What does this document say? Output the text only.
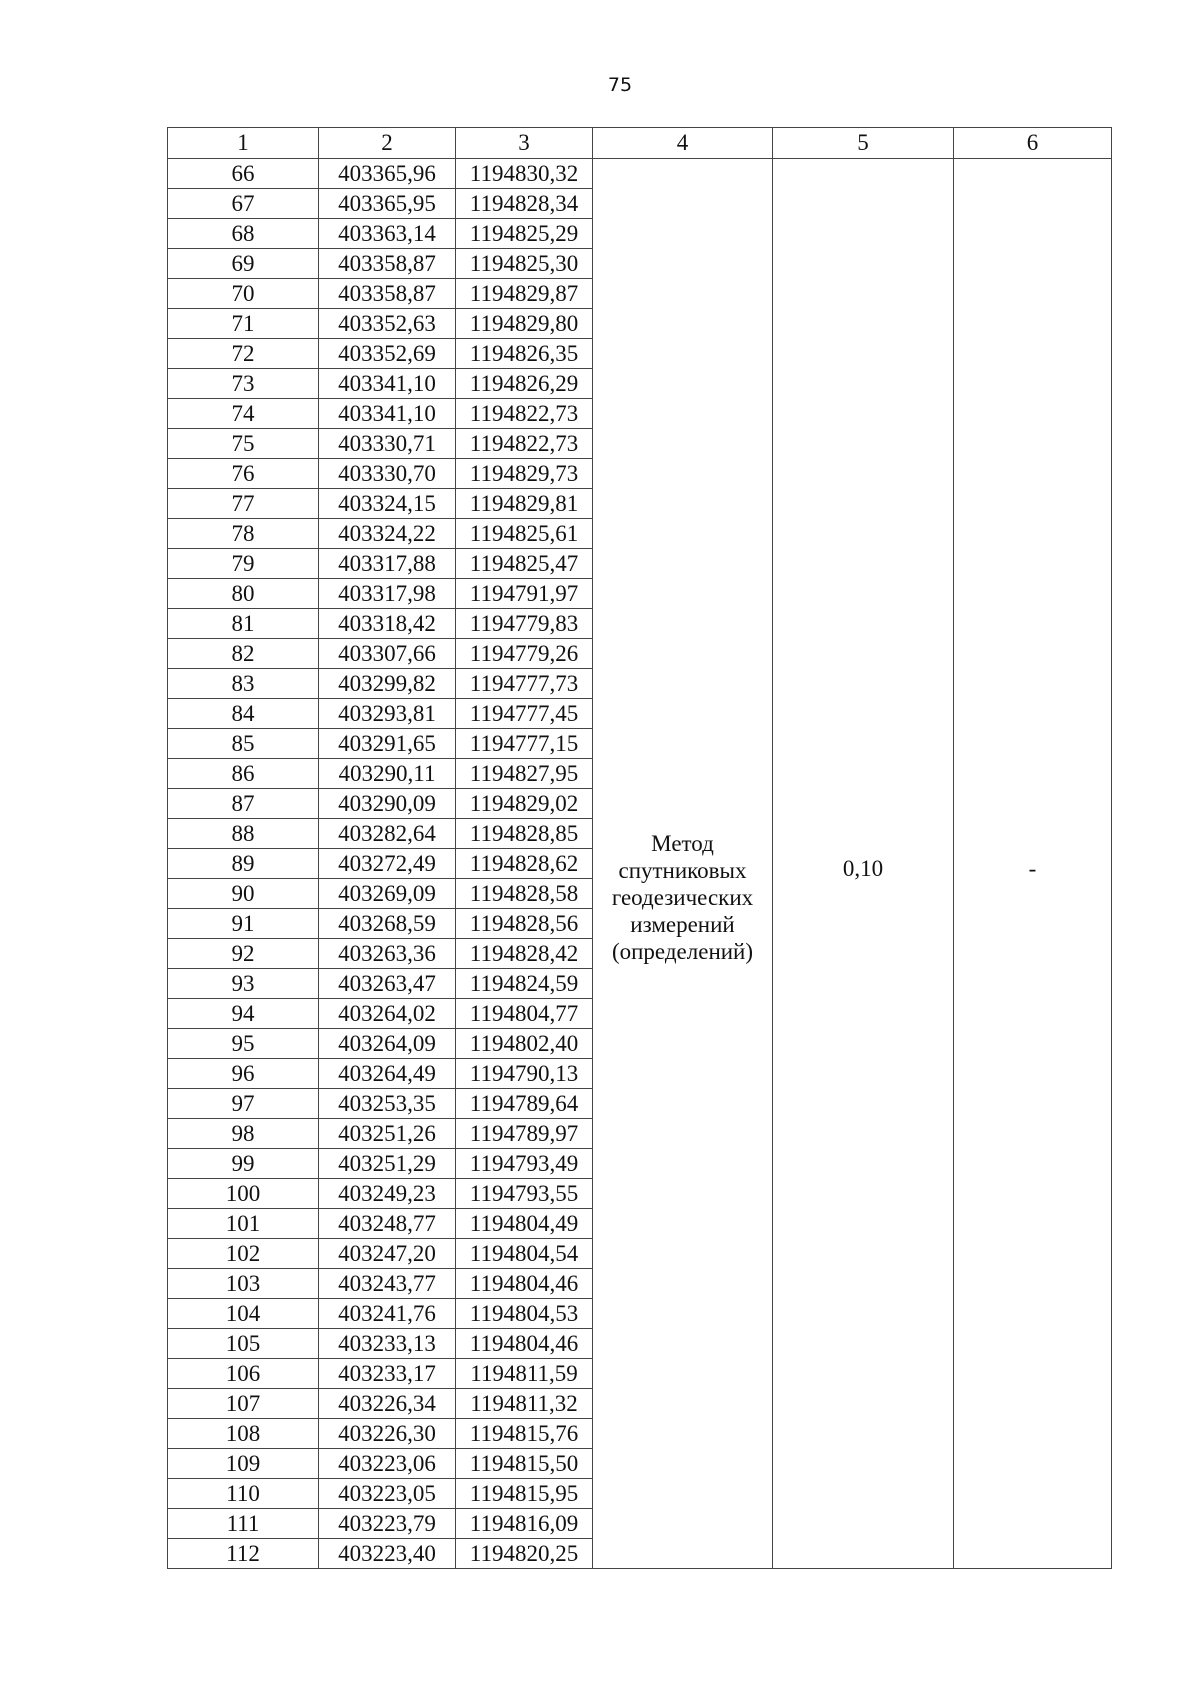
75
1	2	3	4	5	6
66	403365,96	1194830,32	Метод
спутниковых
геодезических
измерений
(определений)	0,10	-

67	403365,95	1194828,34			
68	403363,14	1194825,29			
69	403358,87	1194825,30			
70	403358,87	1194829,87			
71	403352,63	1194829,80			
72	403352,69	1194826,35			
73	403341,10	1194826,29			
74	403341,10	1194822,73			
75	403330,71	1194822,73			
76	403330,70	1194829,73			
77	403324,15	1194829,81			
78	403324,22	1194825,61			
79	403317,88	1194825,47			
80	403317,98	1194791,97			
81	403318,42	1194779,83			
82	403307,66	1194779,26			
83	403299,82	1194777,73			
84	403293,81	1194777,45			
85	403291,65	1194777,15			
86	403290,11	1194827,95			
87	403290,09	1194829,02			
88	403282,64	1194828,85			
89	403272,49	1194828,62			
90	403269,09	1194828,58			
91	403268,59	1194828,56			
92	403263,36	1194828,42			
93	403263,47	1194824,59			
94	403264,02	1194804,77			
95	403264,09	1194802,40			
96	403264,49	1194790,13			
97	403253,35	1194789,64			
98	403251,26	1194789,97			
99	403251,29	1194793,49			
100	403249,23	1194793,55			
101	403248,77	1194804,49			
102	403247,20	1194804,54			
103	403243,77	1194804,46			
104	403241,76	1194804,53			
105	403233,13	1194804,46			
106	403233,17	1194811,59			
107	403226,34	1194811,32			
108	403226,30	1194815,76			
109	403223,06	1194815,50			
110	403223,05	1194815,95			
111	403223,79	1194816,09			
112	403223,40	1194820,25			
